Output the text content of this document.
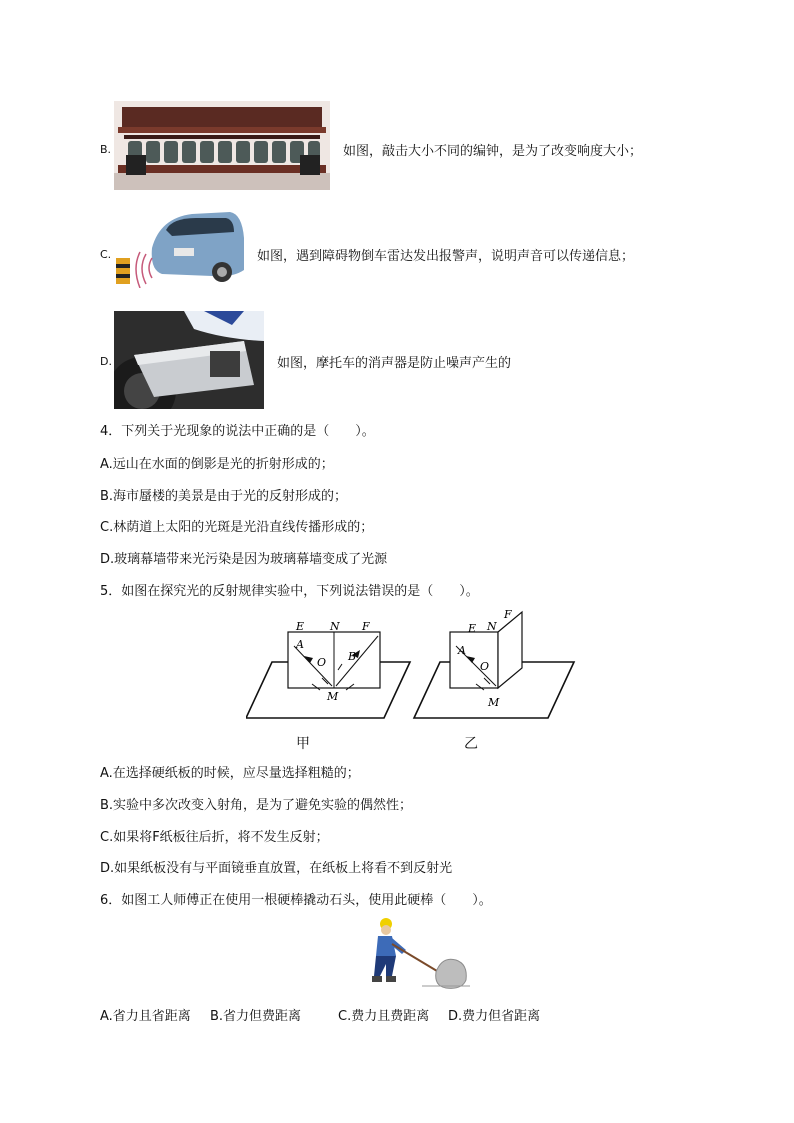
B.	如图，敲击大小不同的编钟，是为了改变响度大小；
C.	如图，遇到障碍物倒车雷达发出报警声，说明声音可以传递信息；
D.	如图，摩托车的消声器是防止噪声产生的
4．下列关于光现象的说法中正确的是（　　）。
A.远山在水面的倒影是光的折射形成的；
B.海市蜃楼的美景是由于光的反射形成的；
C.林荫道上太阳的光斑是光沿直线传播形成的；
D.玻璃幕墙带来光污染是因为玻璃幕墙变成了光源
5．如图在探究光的反射规律实验中，下列说法错误的是（　　）。
E N F
A
O B
M
E N
F
A
O
M
甲	乙
A.在选择硬纸板的时候，应尽量选择粗糙的；
B.实验中多次改变入射角，是为了避免实验的偶然性；
C.如果将F纸板往后折，将不发生反射；
D.如果纸板没有与平面镜垂直放置，在纸板上将看不到反射光
6．如图工人师傅正在使用一根硬棒撬动石头，使用此硬棒（　　）。
A.省力且省距离 B.省力但费距离	C.费力且费距离 D.费力但省距离
